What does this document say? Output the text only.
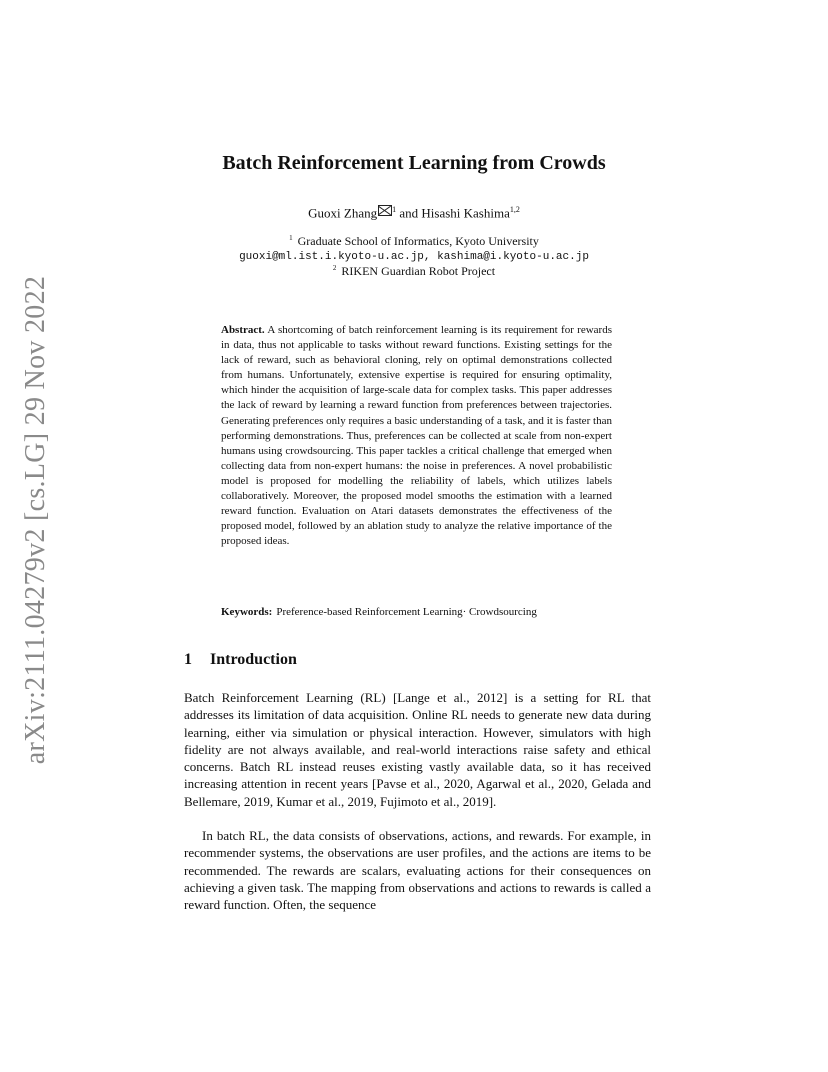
arXiv:2111.04279v2 [cs.LG] 29 Nov 2022
Batch Reinforcement Learning from Crowds
Guoxi Zhang $^1$ and Hisashi Kashima$^{1,2}$
$^1$ Graduate School of Informatics, Kyoto University
guoxi@ml.ist.i.kyoto-u.ac.jp, kashima@i.kyoto-u.ac.jp
$^2$ RIKEN Guardian Robot Project
Abstract. A shortcoming of batch reinforcement learning is its requirement for rewards in data, thus not applicable to tasks without reward functions. Existing settings for the lack of reward, such as behavioral cloning, rely on optimal demonstrations collected from humans. Unfortunately, extensive expertise is required for ensuring optimality, which hinder the acquisition of large-scale data for complex tasks. This paper addresses the lack of reward by learning a reward function from preferences between trajectories. Generating preferences only requires a basic understanding of a task, and it is faster than performing demonstrations. Thus, preferences can be collected at scale from non-expert humans using crowdsourcing. This paper tackles a critical challenge that emerged when collecting data from non-expert humans: the noise in preferences. A novel probabilistic model is proposed for modelling the reliability of labels, which utilizes labels collaboratively. Moreover, the proposed model smooths the estimation with a learned reward function. Evaluation on Atari datasets demonstrates the effectiveness of the proposed model, followed by an ablation study to analyze the relative importance of the proposed ideas.
Keywords: Preference-based Reinforcement Learning· Crowdsourcing
1 Introduction
Batch Reinforcement Learning (RL) [Lange et al., 2012] is a setting for RL that addresses its limitation of data acquisition. Online RL needs to generate new data during learning, either via simulation or physical interaction. However, simulators with high fidelity are not always available, and real-world interactions raise safety and ethical concerns. Batch RL instead reuses existing vastly available data, so it has received increasing attention in recent years [Pavse et al., 2020, Agarwal et al., 2020, Gelada and Bellemare, 2019, Kumar et al., 2019, Fujimoto et al., 2019].
In batch RL, the data consists of observations, actions, and rewards. For example, in recommender systems, the observations are user profiles, and the actions are items to be recommended. The rewards are scalars, evaluating actions for their consequences on achieving a given task. The mapping from observations and actions to rewards is called a reward function. Often, the sequence
